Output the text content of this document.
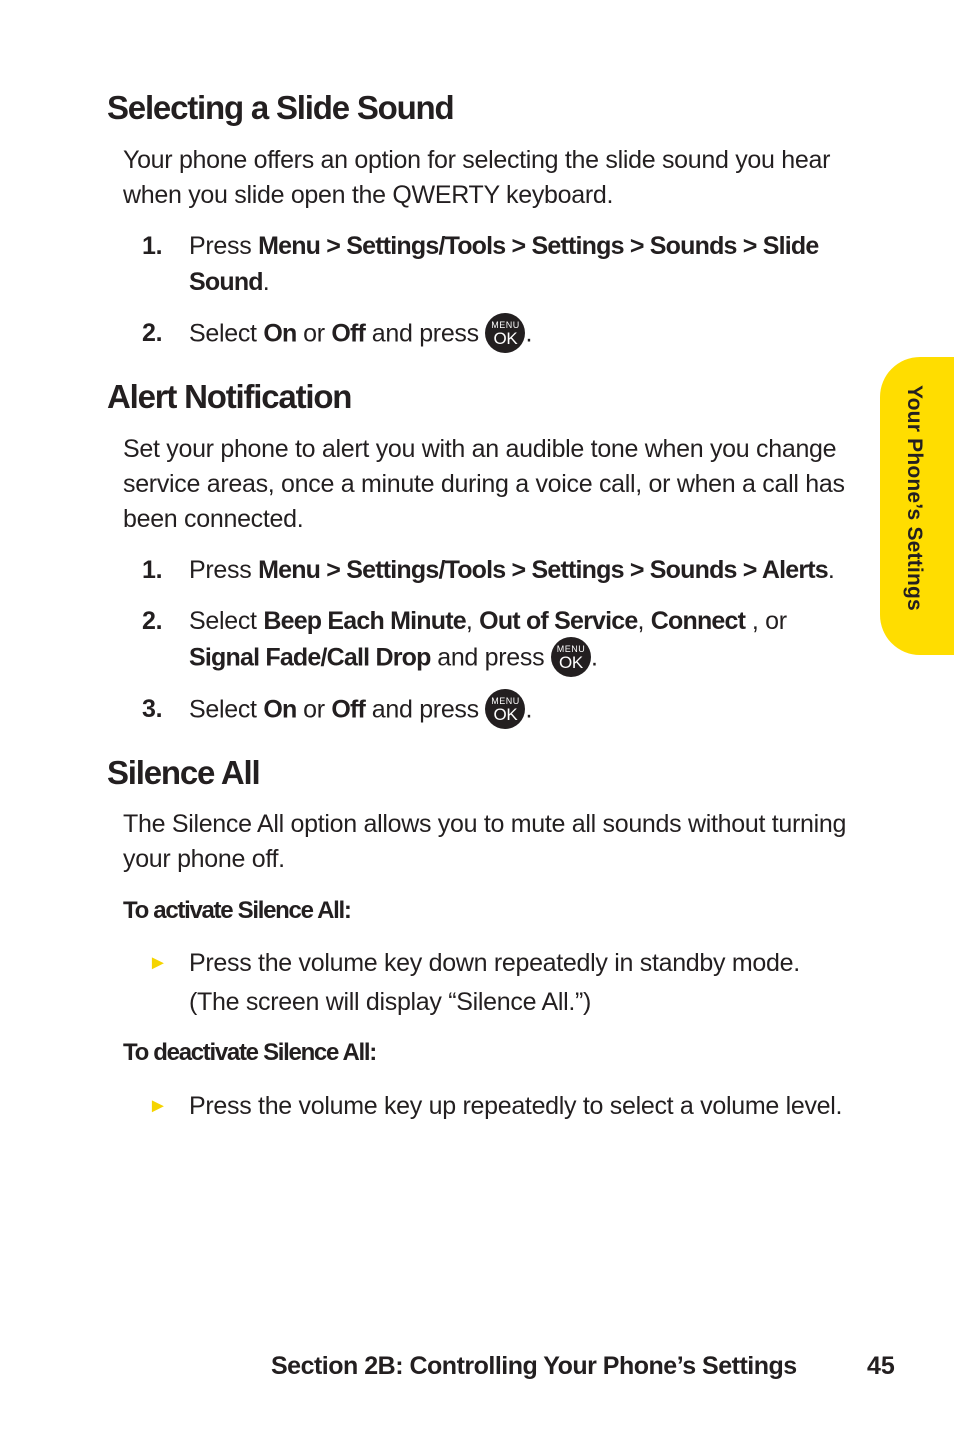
Selecting a Slide Sound

Your phone offers an option for selecting the slide sound you hear when you slide open the QWERTY keyboard.

1. Press Menu > Settings/Tools > Settings > Sounds > Slide Sound.
2. Select On or Off and press MENU
OK .
Alert Notification

Set your phone to alert you with an audible tone when you change service areas, once a minute during a voice call, or when a call has been connected.

1. Press Menu > Settings/Tools > Settings > Sounds > Alerts.
2. Select Beep Each Minute, Out of Service, Connect , or Signal Fade/Call Drop and press MENU
OK .
3. Select On or Off and press MENU
OK .
Silence All

The Silence All option allows you to mute all sounds without turning your phone off.

To activate Silence All:
► Press the volume key down repeatedly in standby mode. (The screen will display “Silence All.”)
To deactivate Silence All:
► Press the volume key up repeatedly to select a volume level.
Your Phone’s Settings
Section 2B: Controlling Your Phone’s Settings	45
